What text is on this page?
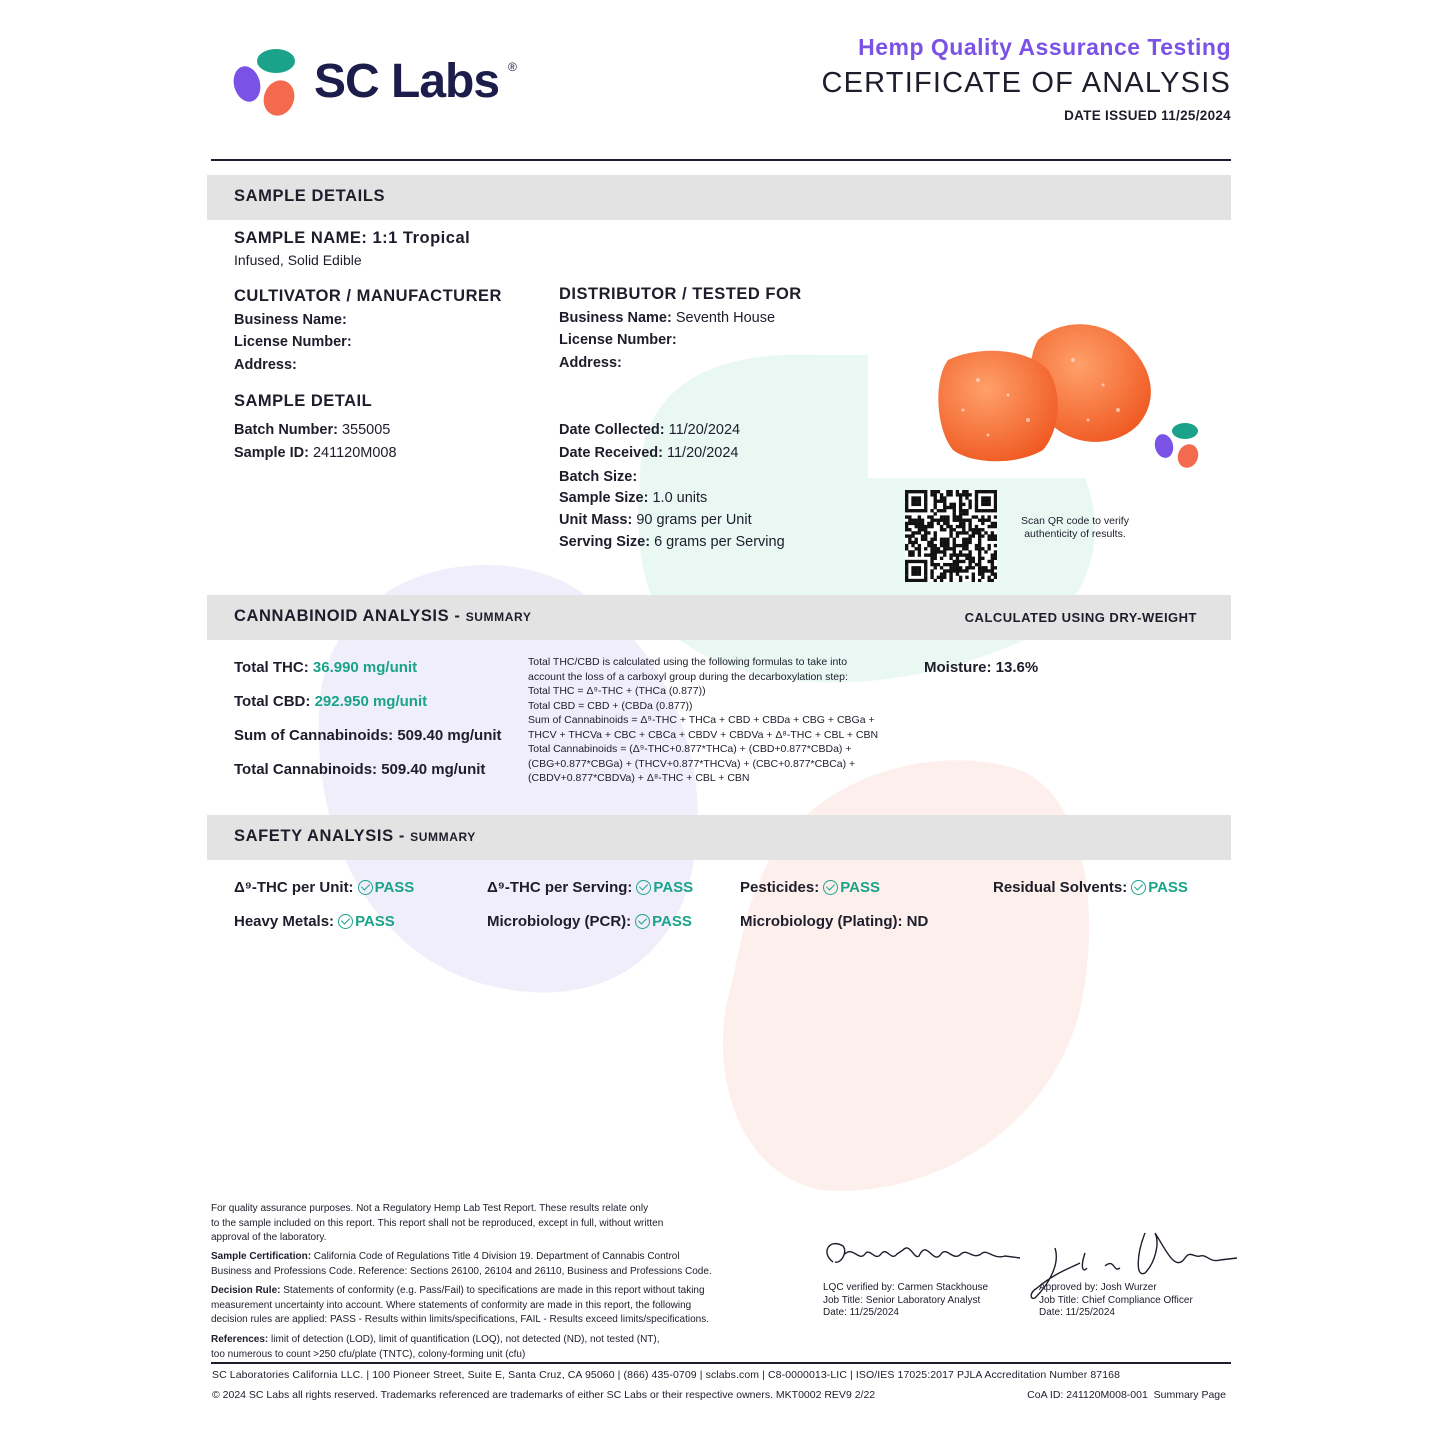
SC Labs ®
Hemp Quality Assurance Testing
CERTIFICATE OF ANALYSIS
DATE ISSUED 11/25/2024
SAMPLE DETAILS
SAMPLE NAME: 1:1 Tropical
Infused, Solid Edible
CULTIVATOR / MANUFACTURER
Business Name:
License Number:
Address:
DISTRIBUTOR / TESTED FOR
Business Name: Seventh House
License Number:
Address:
SAMPLE DETAIL
Batch Number: 355005
Sample ID: 241120M008
Date Collected: 11/20/2024
Date Received: 11/20/2024
Batch Size:
Sample Size: 1.0 units
Unit Mass: 90 grams per Unit
Serving Size: 6 grams per Serving
Scan QR code to verify
authenticity of results.
CANNABINOID ANALYSIS - SUMMARY	CALCULATED USING DRY-WEIGHT
Total THC: 36.990 mg/unit
Total CBD: 292.950 mg/unit
Sum of Cannabinoids: 509.40 mg/unit
Total Cannabinoids: 509.40 mg/unit
Total THC/CBD is calculated using the following formulas to take into
account the loss of a carboxyl group during the decarboxylation step:
Total THC = Δ⁹-THC + (THCa (0.877))
Total CBD = CBD + (CBDa (0.877))
Sum of Cannabinoids = Δ⁹-THC + THCa + CBD + CBDa + CBG + CBGa +
THCV + THCVa + CBC + CBCa + CBDV + CBDVa + Δ⁸-THC + CBL + CBN
Total Cannabinoids = (Δ⁹-THC+0.877*THCa) + (CBD+0.877*CBDa) +
(CBG+0.877*CBGa) + (THCV+0.877*THCVa) + (CBC+0.877*CBCa) +
(CBDV+0.877*CBDVa) + Δ⁸-THC + CBL + CBN
Moisture: 13.6%
SAFETY ANALYSIS - SUMMARY
Δ⁹-THC per Unit: PASS	Δ⁹-THC per Serving: PASS	Pesticides: PASS	Residual Solvents: PASS
Heavy Metals: PASS	Microbiology (PCR): PASS	Microbiology (Plating): ND
For quality assurance purposes. Not a Regulatory Hemp Lab Test Report. These results relate only
to the sample included on this report. This report shall not be reproduced, except in full, without written
approval of the laboratory.
Sample Certification: California Code of Regulations Title 4 Division 19. Department of Cannabis Control
Business and Professions Code. Reference: Sections 26100, 26104 and 26110, Business and Professions Code.
Decision Rule: Statements of conformity (e.g. Pass/Fail) to specifications are made in this report without taking
measurement uncertainty into account. Where statements of conformity are made in this report, the following
decision rules are applied: PASS - Results within limits/specifications, FAIL - Results exceed limits/specifications.
References: limit of detection (LOD), limit of quantification (LOQ), not detected (ND), not tested (NT),
too numerous to count >250 cfu/plate (TNTC), colony-forming unit (cfu)
LQC verified by: Carmen Stackhouse
Job Title: Senior Laboratory Analyst
Date: 11/25/2024
Approved by: Josh Wurzer
Job Title: Chief Compliance Officer
Date: 11/25/2024
SC Laboratories California LLC. | 100 Pioneer Street, Suite E, Santa Cruz, CA 95060 | (866) 435-0709 | sclabs.com | C8-0000013-LIC | ISO/IES 17025:2017 PJLA Accreditation Number 87168
© 2024 SC Labs all rights reserved. Trademarks referenced are trademarks of either SC Labs or their respective owners. MKT0002 REV9 2/22	CoA ID: 241120M008-001  Summary Page
